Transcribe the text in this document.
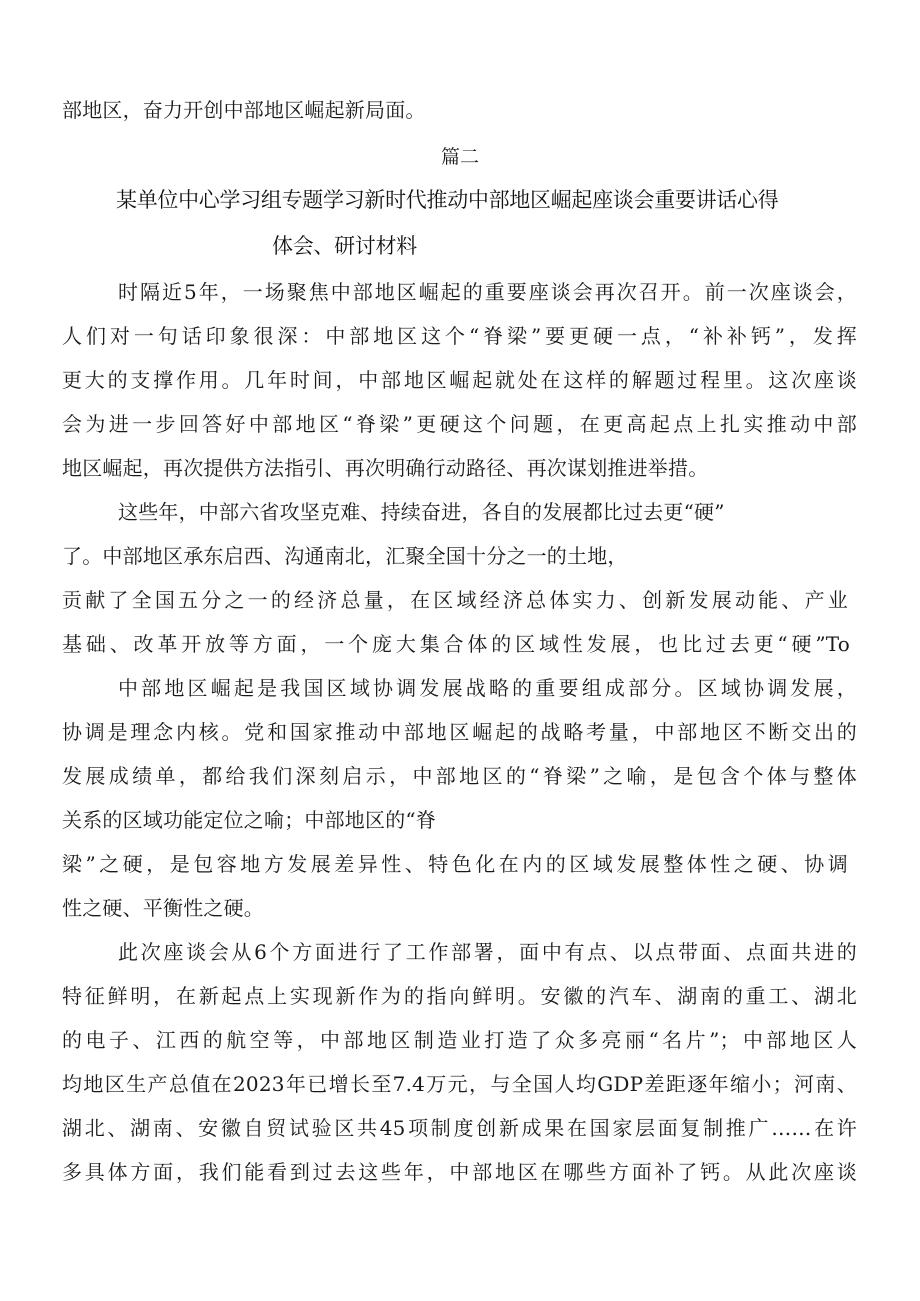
部地区，奋力开创中部地区崛起新局面。
篇二
某单位中心学习组专题学习新时代推动中部地区崛起座谈会重要讲话心得
体会、研讨材料
时隔近5年，一场聚焦中部地区崛起的重要座谈会再次召开。前一次座谈会，
人们对一句话印象很深：中部地区这个“脊梁”要更硬一点，“补补钙”，发挥
更大的支撑作用。几年时间，中部地区崛起就处在这样的解题过程里。这次座谈
会为进一步回答好中部地区“脊梁”更硬这个问题，在更高起点上扎实推动中部
地区崛起，再次提供方法指引、再次明确行动路径、再次谋划推进举措。
这些年，中部六省攻坚克难、持续奋进，各自的发展都比过去更“硬”
了。中部地区承东启西、沟通南北，汇聚全国十分之一的土地，
贡献了全国五分之一的经济总量，在区域经济总体实力、创新发展动能、产业
基础、改革开放等方面，一个庞大集合体的区域性发展，也比过去更“硬”To
中部地区崛起是我国区域协调发展战略的重要组成部分。区域协调发展，
协调是理念内核。党和国家推动中部地区崛起的战略考量，中部地区不断交出的
发展成绩单，都给我们深刻启示，中部地区的“脊梁”之喻，是包含个体与整体
关系的区域功能定位之喻；中部地区的“脊
梁”之硬，是包容地方发展差异性、特色化在内的区域发展整体性之硬、协调
性之硬、平衡性之硬。
此次座谈会从6个方面进行了工作部署，面中有点、以点带面、点面共进的
特征鲜明，在新起点上实现新作为的指向鲜明。安徽的汽车、湖南的重工、湖北
的电子、江西的航空等，中部地区制造业打造了众多亮丽“名片”；中部地区人
均地区生产总值在2023年已增长至7.4万元，与全国人均GDP差距逐年缩小；河南、
湖北、湖南、安徽自贸试验区共45项制度创新成果在国家层面复制推广……在许
多具体方面，我们能看到过去这些年，中部地区在哪些方面补了钙。从此次座谈
